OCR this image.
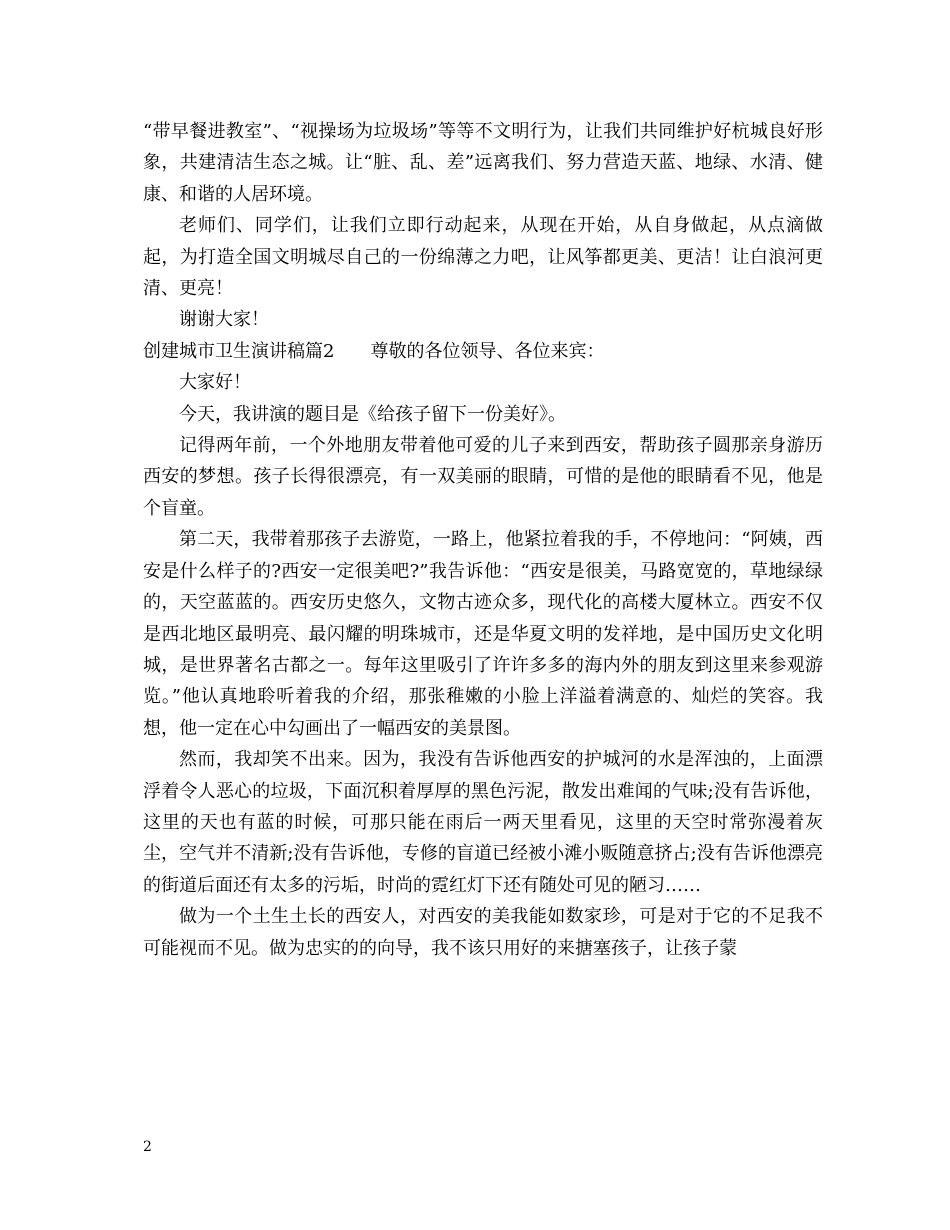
“带早餐进教室”、“视操场为垃圾场”等等不文明行为，让我们共同维护好杭城良好形象，共建清洁生态之城。让“脏、乱、差”远离我们、努力营造天蓝、地绿、水清、健康、和谐的人居环境。

老师们、同学们，让我们立即行动起来，从现在开始，从自身做起，从点滴做起，为打造全国文明城尽自己的一份绵薄之力吧，让风筝都更美、更洁！让白浪河更清、更亮！

谢谢大家！

创建城市卫生演讲稿篇2 尊敬的各位领导、各位来宾：

大家好！

今天，我讲演的题目是《给孩子留下一份美好》。

记得两年前，一个外地朋友带着他可爱的儿子来到西安，帮助孩子圆那亲身游历西安的梦想。孩子长得很漂亮，有一双美丽的眼睛，可惜的是他的眼睛看不见，他是个盲童。

第二天，我带着那孩子去游览，一路上，他紧拉着我的手，不停地问：“阿姨，西安是什么样子的?西安一定很美吧?”我告诉他：“西安是很美，马路宽宽的，草地绿绿的，天空蓝蓝的。西安历史悠久，文物古迹众多，现代化的高楼大厦林立。西安不仅是西北地区最明亮、最闪耀的明珠城市，还是华夏文明的发祥地，是中国历史文化明城，是世界著名古都之一。每年这里吸引了许许多多的海内外的朋友到这里来参观游览。”他认真地聆听着我的介绍，那张稚嫩的小脸上洋溢着满意的、灿烂的笑容。我想，他一定在心中勾画出了一幅西安的美景图。

然而，我却笑不出来。因为，我没有告诉他西安的护城河的水是浑浊的，上面漂浮着令人恶心的垃圾，下面沉积着厚厚的黑色污泥，散发出难闻的气味;没有告诉他，这里的天也有蓝的时候，可那只能在雨后一两天里看见，这里的天空时常弥漫着灰尘，空气并不清新;没有告诉他，专修的盲道已经被小滩小贩随意挤占;没有告诉他漂亮的街道后面还有太多的污垢，时尚的霓红灯下还有随处可见的陋习……

做为一个土生土长的西安人，对西安的美我能如数家珍，可是对于它的不足我不可能视而不见。做为忠实的的向导，我不该只用好的来搪塞孩子，让孩子蒙

2
